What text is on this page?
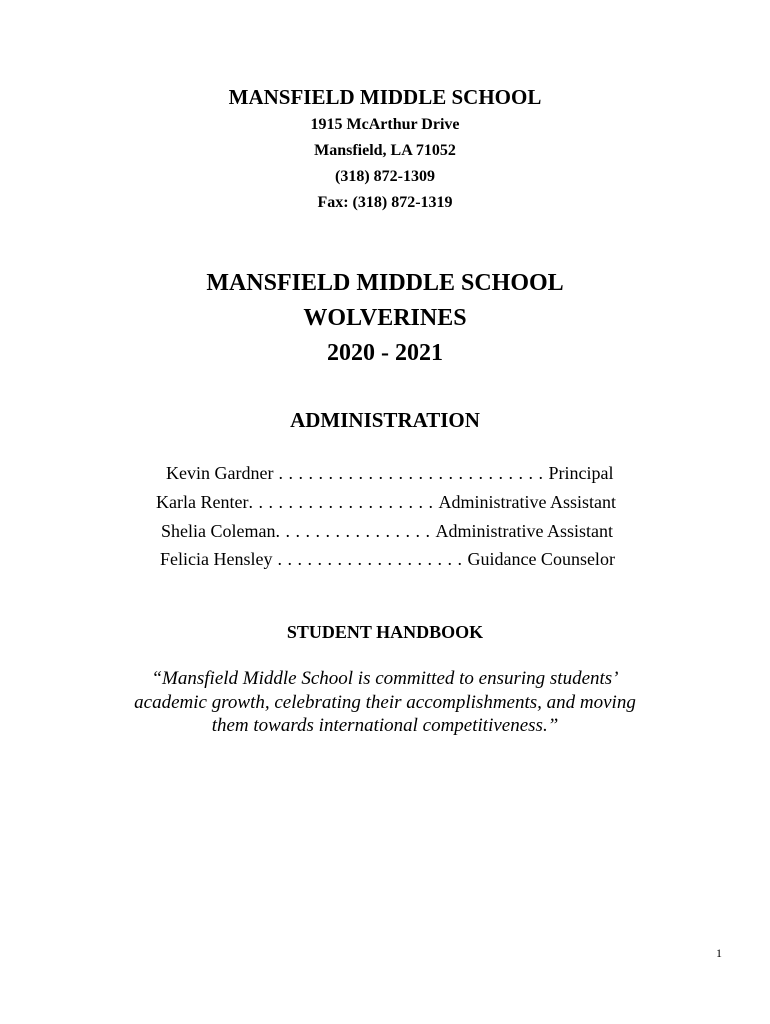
MANSFIELD MIDDLE SCHOOL
1915 McArthur Drive
Mansfield, LA 71052
(318) 872-1309
Fax: (318) 872-1319
MANSFIELD MIDDLE SCHOOL
WOLVERINES
2020 - 2021
ADMINISTRATION
Kevin Gardner . . . . . . . . . . . . . . . . . . . . . . . . . . . Principal
Karla Renter. . . . . . . . . . . . . . . . . . . Administrative Assistant
Shelia Coleman. . . . . . . . . . . . . . . . Administrative Assistant
Felicia Hensley . . . . . . . . . . . . . . . . . . . Guidance Counselor
STUDENT HANDBOOK
“Mansfield Middle School is committed to ensuring students’
academic growth, celebrating their accomplishments, and moving
them towards international competitiveness.”
1
